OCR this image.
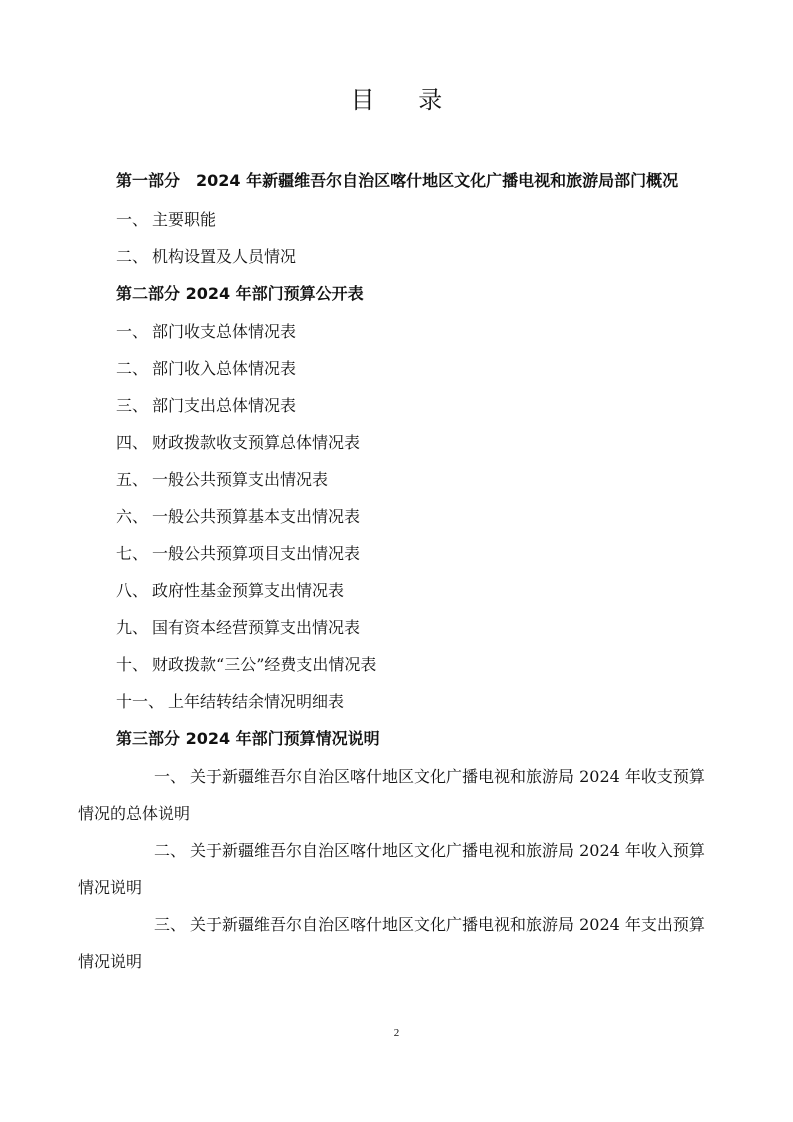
目 录

第一部分　2024 年新疆维吾尔自治区喀什地区文化广播电视和旅游局部门概况

一、 主要职能

二、 机构设置及人员情况

第二部分 2024 年部门预算公开表

一、 部门收支总体情况表

二、 部门收入总体情况表

三、 部门支出总体情况表

四、 财政拨款收支预算总体情况表

五、 一般公共预算支出情况表

六、 一般公共预算基本支出情况表

七、 一般公共预算项目支出情况表

八、 政府性基金预算支出情况表

九、 国有资本经营预算支出情况表

十、 财政拨款“三公”经费支出情况表

十一、 上年结转结余情况明细表

第三部分 2024 年部门预算情况说明

一、 关于新疆维吾尔自治区喀什地区文化广播电视和旅游局 2024 年收支预算情况的总体说明

二、 关于新疆维吾尔自治区喀什地区文化广播电视和旅游局 2024 年收入预算情况说明

三、 关于新疆维吾尔自治区喀什地区文化广播电视和旅游局 2024 年支出预算情况说明

2
